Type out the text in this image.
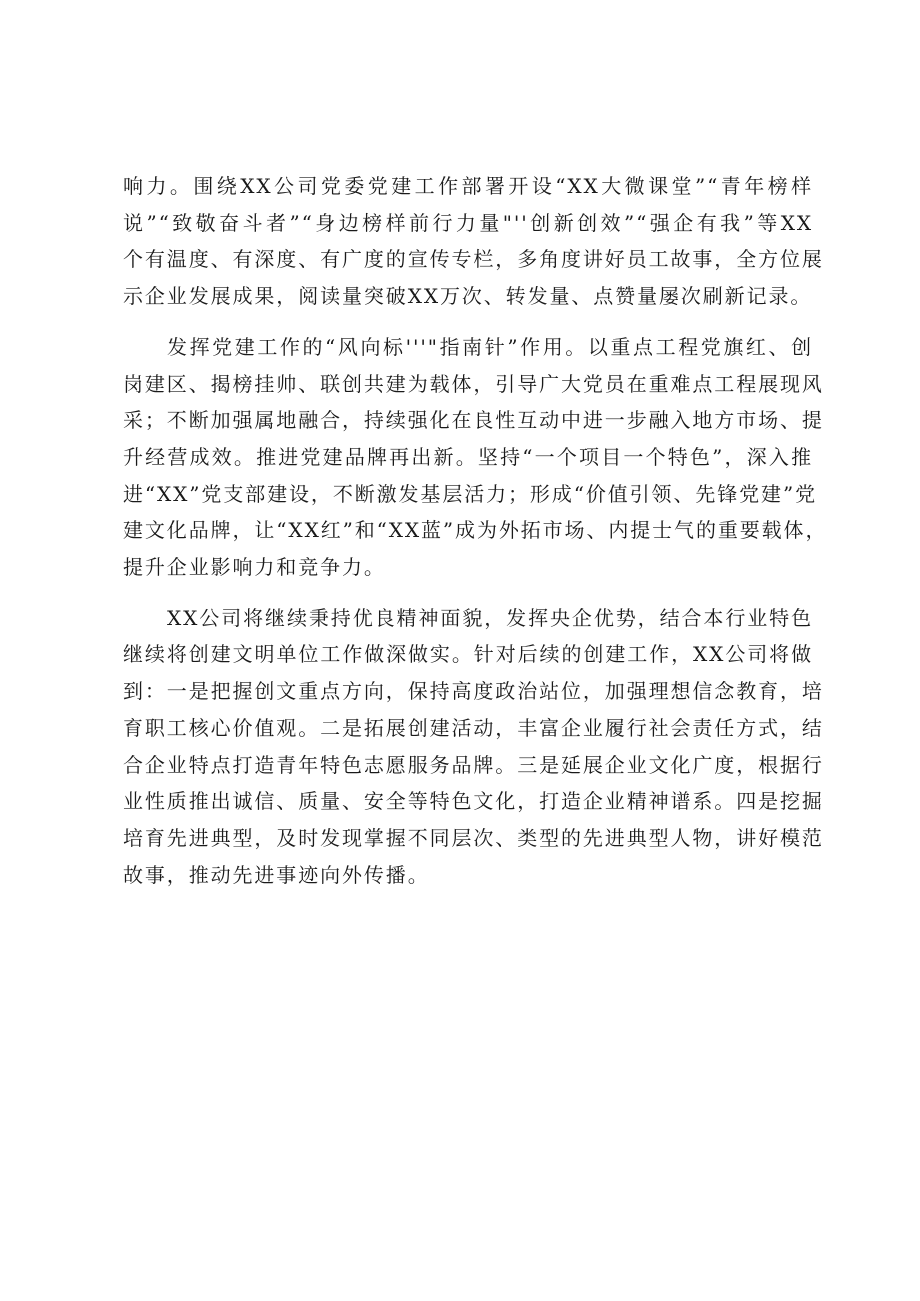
响力。围绕XX公司党委党建工作部署开设“XX大微课堂”“青年榜样
说”“致敬奋斗者”“身边榜样前行力量"''创新创效”“强企有我”等XX
个有温度、有深度、有广度的宣传专栏，多角度讲好员工故事，全方位展
示企业发展成果，阅读量突破XX万次、转发量、点赞量屡次刷新记录。
发挥党建工作的“风向标'''"指南针”作用。以重点工程党旗红、创
岗建区、揭榜挂帅、联创共建为载体，引导广大党员在重难点工程展现风
采；不断加强属地融合，持续强化在良性互动中进一步融入地方市场、提
升经营成效。推进党建品牌再出新。坚持“一个项目一个特色”，深入推
进“XX”党支部建设，不断激发基层活力；形成“价值引领、先锋党建”党
建文化品牌，让“XX红”和“XX蓝”成为外拓市场、内提士气的重要载体，
提升企业影响力和竞争力。
XX公司将继续秉持优良精神面貌，发挥央企优势，结合本行业特色
继续将创建文明单位工作做深做实。针对后续的创建工作，XX公司将做
到：一是把握创文重点方向，保持高度政治站位，加强理想信念教育，培
育职工核心价值观。二是拓展创建活动，丰富企业履行社会责任方式，结
合企业特点打造青年特色志愿服务品牌。三是延展企业文化广度，根据行
业性质推出诚信、质量、安全等特色文化，打造企业精神谱系。四是挖掘
培育先进典型，及时发现掌握不同层次、类型的先进典型人物，讲好模范
故事，推动先进事迹向外传播。
